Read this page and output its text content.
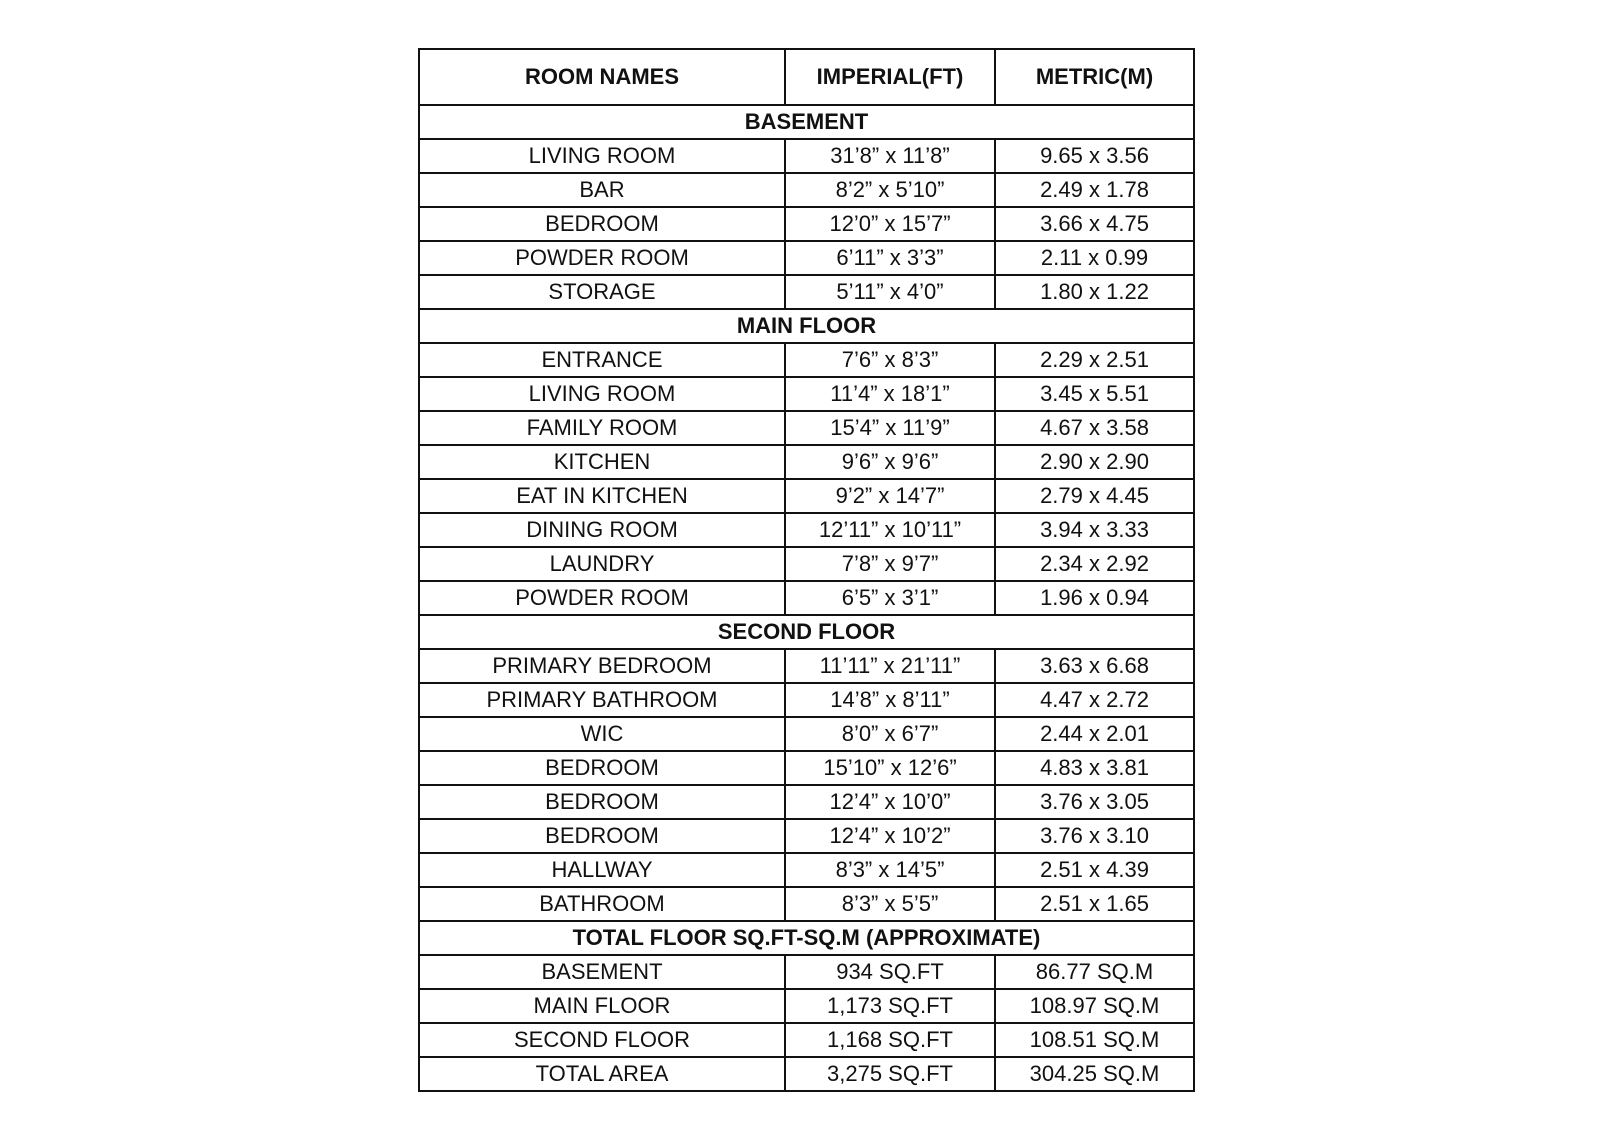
ROOM NAMES	IMPERIAL(FT)	METRIC(M)
BASEMENT		
LIVING ROOM	31’8” x 11’8”	9.65 x 3.56
BAR	8’2” x 5’10”	2.49 x 1.78
BEDROOM	12’0” x 15’7”	3.66 x 4.75
POWDER ROOM	6’11” x 3’3”	2.11 x 0.99
STORAGE	5’11” x 4’0”	1.80 x 1.22
MAIN FLOOR		
ENTRANCE	7’6” x 8’3”	2.29 x 2.51
LIVING ROOM	11’4” x 18’1”	3.45 x 5.51
FAMILY ROOM	15’4” x 11’9”	4.67 x 3.58
KITCHEN	9’6” x 9’6”	2.90 x 2.90
EAT IN KITCHEN	9’2” x 14’7”	2.79 x 4.45
DINING ROOM	12’11” x 10’11”	3.94 x 3.33
LAUNDRY	7’8” x 9’7”	2.34 x 2.92
POWDER ROOM	6’5” x 3’1”	1.96 x 0.94
SECOND FLOOR		
PRIMARY BEDROOM	11’11” x 21’11”	3.63 x 6.68
PRIMARY BATHROOM	14’8” x 8’11”	4.47 x 2.72
WIC	8’0” x 6’7”	2.44 x 2.01
BEDROOM	15’10” x 12’6”	4.83 x 3.81
BEDROOM	12’4” x 10’0”	3.76 x 3.05
BEDROOM	12’4” x 10’2”	3.76 x 3.10
HALLWAY	8’3” x 14’5”	2.51 x 4.39
BATHROOM	8’3” x 5’5”	2.51 x 1.65
TOTAL FLOOR SQ.FT-SQ.M (APPROXIMATE)		
BASEMENT	934 SQ.FT	86.77 SQ.M
MAIN FLOOR	1,173 SQ.FT	108.97 SQ.M
SECOND FLOOR	1,168 SQ.FT	108.51 SQ.M
TOTAL AREA	3,275 SQ.FT	304.25 SQ.M
